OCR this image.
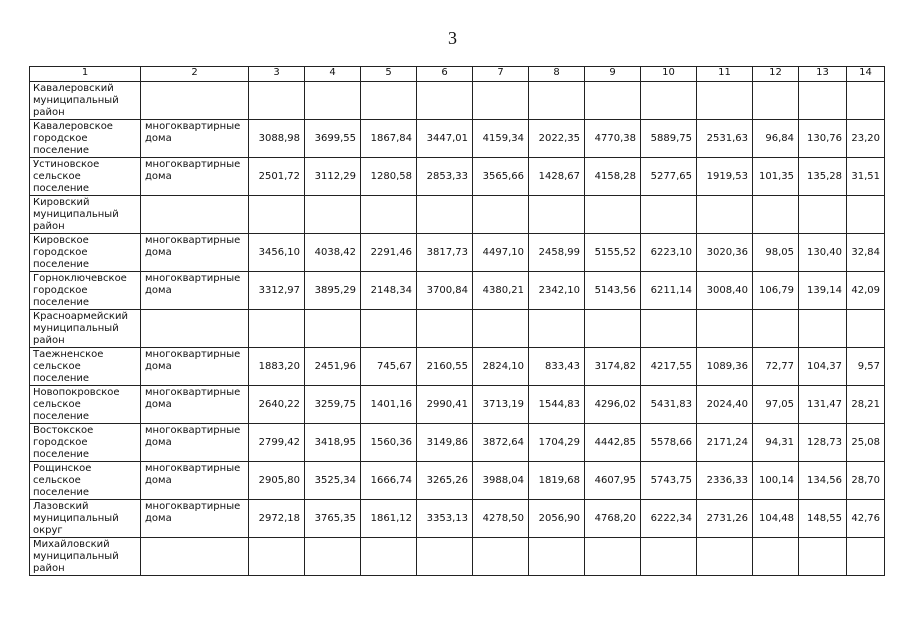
3
1	2	3	4	5	6	7	8	9	10	11	12	13	14
Кавалеровский муниципальный район													
Кавалеровское городское поселение	многоквартирные дома	3088,98	3699,55	1867,84	3447,01	4159,34	2022,35	4770,38	5889,75	2531,63	96,84	130,76	23,20
Устиновское сельское поселение	многоквартирные дома	2501,72	3112,29	1280,58	2853,33	3565,66	1428,67	4158,28	5277,65	1919,53	101,35	135,28	31,51
Кировский муниципальный район													
Кировское городское поселение	многоквартирные дома	3456,10	4038,42	2291,46	3817,73	4497,10	2458,99	5155,52	6223,10	3020,36	98,05	130,40	32,84
Горноключевское городское поселение	многоквартирные дома	3312,97	3895,29	2148,34	3700,84	4380,21	2342,10	5143,56	6211,14	3008,40	106,79	139,14	42,09
Красноармейский муниципальный район													
Таежненское сельское поселение	многоквартирные дома	1883,20	2451,96	745,67	2160,55	2824,10	833,43	3174,82	4217,55	1089,36	72,77	104,37	9,57
Новопокровское сельское поселение	многоквартирные дома	2640,22	3259,75	1401,16	2990,41	3713,19	1544,83	4296,02	5431,83	2024,40	97,05	131,47	28,21
Востокское городское поселение	многоквартирные дома	2799,42	3418,95	1560,36	3149,86	3872,64	1704,29	4442,85	5578,66	2171,24	94,31	128,73	25,08
Рощинское сельское поселение	многоквартирные дома	2905,80	3525,34	1666,74	3265,26	3988,04	1819,68	4607,95	5743,75	2336,33	100,14	134,56	28,70
Лазовский муниципальный округ	многоквартирные дома	2972,18	3765,35	1861,12	3353,13	4278,50	2056,90	4768,20	6222,34	2731,26	104,48	148,55	42,76
Михайловский муниципальный район													
